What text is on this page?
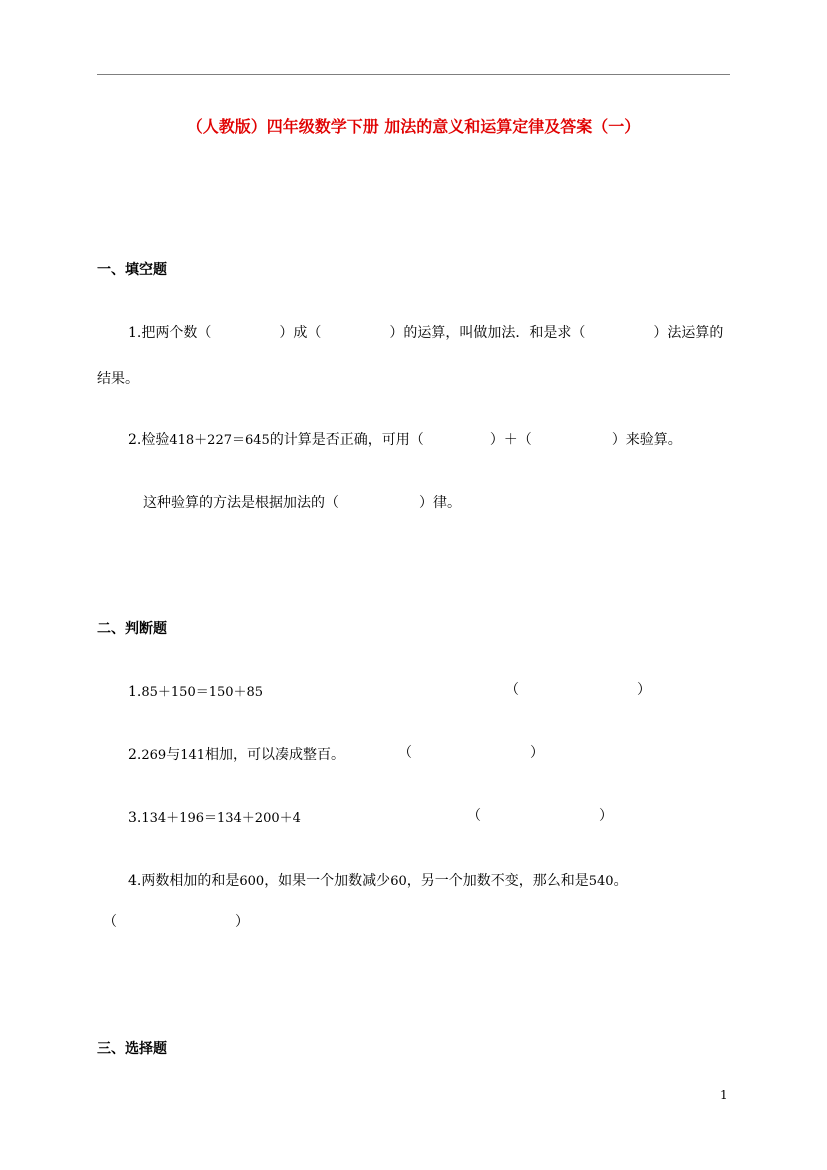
（人教版）四年级数学下册 加法的意义和运算定律及答案（一）
一、填空题
1.把两个数（	）成（	）的运算，叫做加法．和是求（	）法运算的
结果。
2.检验418＋227＝645的计算是否正确，可用（	）＋（	）来验算。
这种验算的方法是根据加法的（	）律。
二、判断题
1.85＋150＝150＋85	（	）
2.269与141相加，可以凑成整百。	（	）
3.134＋196＝134＋200＋4	（	）
4.两数相加的和是600，如果一个加数减少60，另一个加数不变，那么和是540。
（	）
三、选择题
1
